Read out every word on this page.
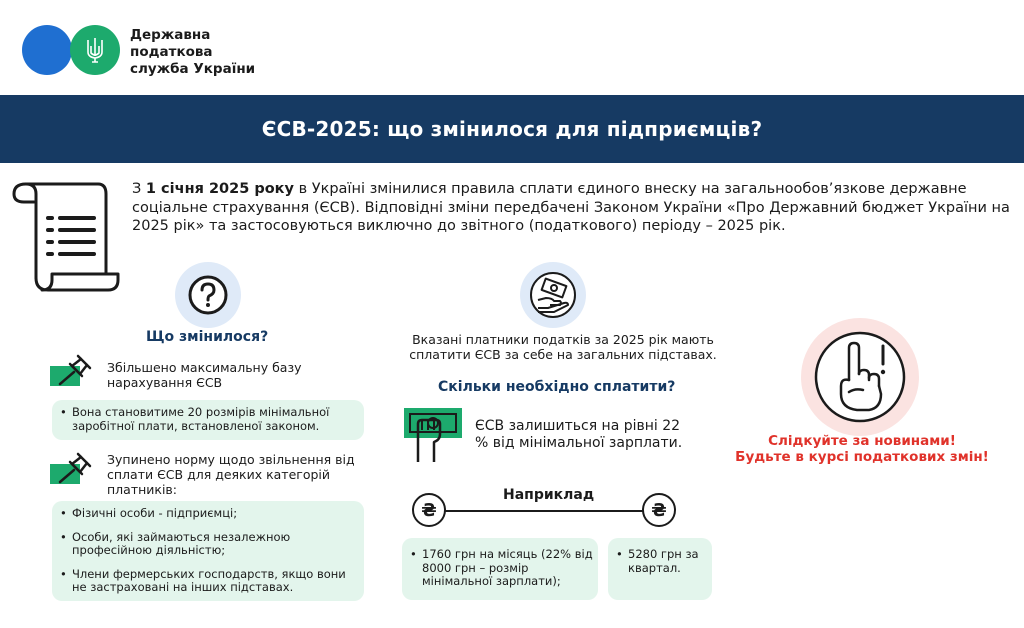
Державна
податкова
служба України
ЄСВ-2025: що змінилося для підприємців?
З 1 січня 2025 року в Україні змінилися правила сплати єдиного внеску на загальнообов’язкове державне соціальне страхування (ЄСВ). Відповідні зміни передбачені Законом України «Про Державний бюджет України на 2025 рік» та застосовуються виключно до звітного (податкового) періоду – 2025 рік.
Що змінилося?
Збільшено максимальну базу нарахування ЄСВ
• Вона становитиме 20 розмірів мінімальної заробітної плати, встановленої законом.
Зупинено норму щодо звільнення від сплати ЄСВ для деяких категорій платників:
• Фізичні особи - підприємці;
• Особи, які займаються незалежною професійною діяльністю;
• Члени фермерських господарств, якщо вони не застраховані на інших підставах.
Вказані платники податків за 2025 рік мають сплатити ЄСВ за себе на загальних підставах.
Скільки необхідно сплатити?
ЄСВ залишиться на рівні 22 % від мінімальної зарплати.
Наприклад
₴	₴
• 1760 грн на місяць (22% від 8000 грн – розмір мінімальної зарплати);
• 5280 грн за квартал.
Слідкуйте за новинами!
Будьте в курсі податкових змін!
